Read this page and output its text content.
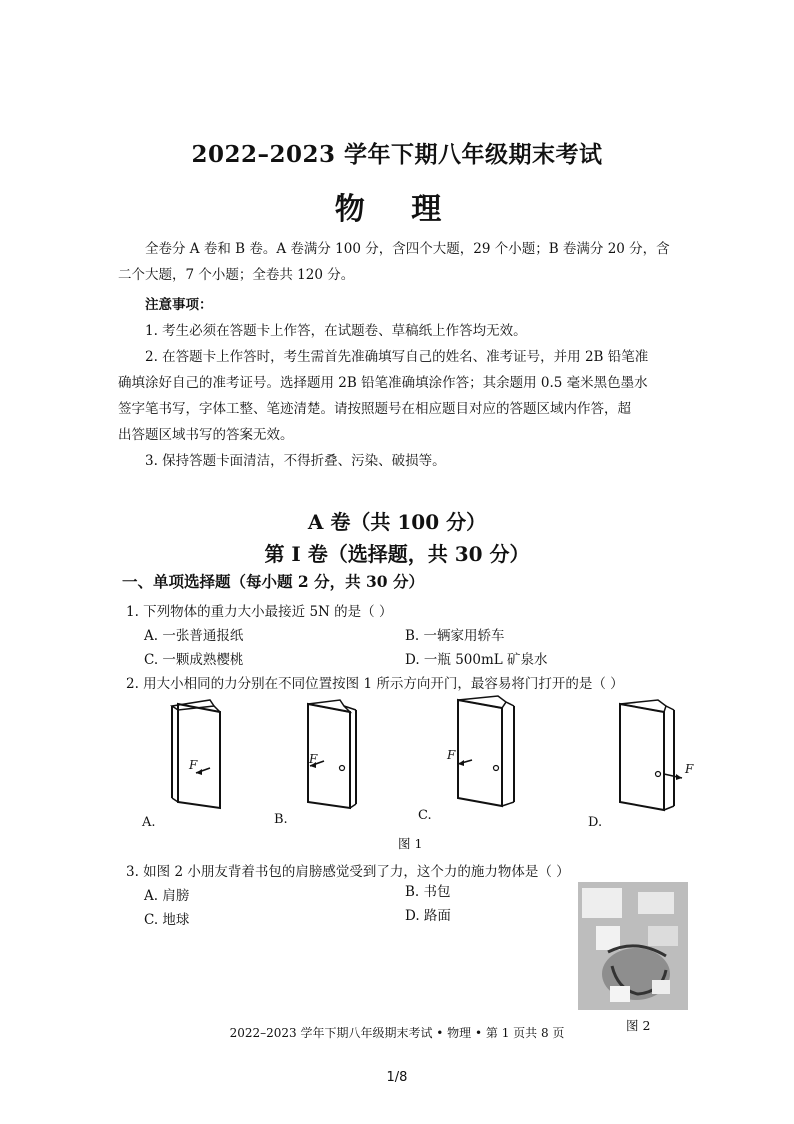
2022–2023 学年下期八年级期末考试
物 理
全卷分 A 卷和 B 卷。A 卷满分 100 分，含四个大题，29 个小题；B 卷满分 20 分，含
二个大题，7 个小题；全卷共 120 分。
注意事项：
1. 考生必须在答题卡上作答，在试题卷、草稿纸上作答均无效。
2. 在答题卡上作答时，考生需首先准确填写自己的姓名、准考证号，并用 2B 铅笔准
确填涂好自己的准考证号。选择题用 2B 铅笔准确填涂作答；其余题用 0.5 毫米黑色墨水
签字笔书写，字体工整、笔迹清楚。请按照题号在相应题目对应的答题区域内作答，超
出答题区域书写的答案无效。
3. 保持答题卡面清洁，不得折叠、污染、破损等。
A 卷（共 100 分）
第 I 卷（选择题，共 30 分）
一、单项选择题（每小题 2 分，共 30 分）
1. 下列物体的重力大小最接近 5N 的是（ ）
A. 一张普通报纸	B. 一辆家用轿车
C. 一颗成熟樱桃	D. 一瓶 500mL 矿泉水
2. 用大小相同的力分别在不同位置按图 1 所示方向开门，最容易将门打开的是（ ）
F
A.
F
B.
F
C.
F
D.
图 1
3. 如图 2 小朋友背着书包的肩膀感觉受到了力，这个力的施力物体是（ ）
A. 肩膀	B. 书包
C. 地球	D. 路面
图 2
2022–2023 学年下期八年级期末考试 • 物理 • 第 1 页共 8 页
1/8
